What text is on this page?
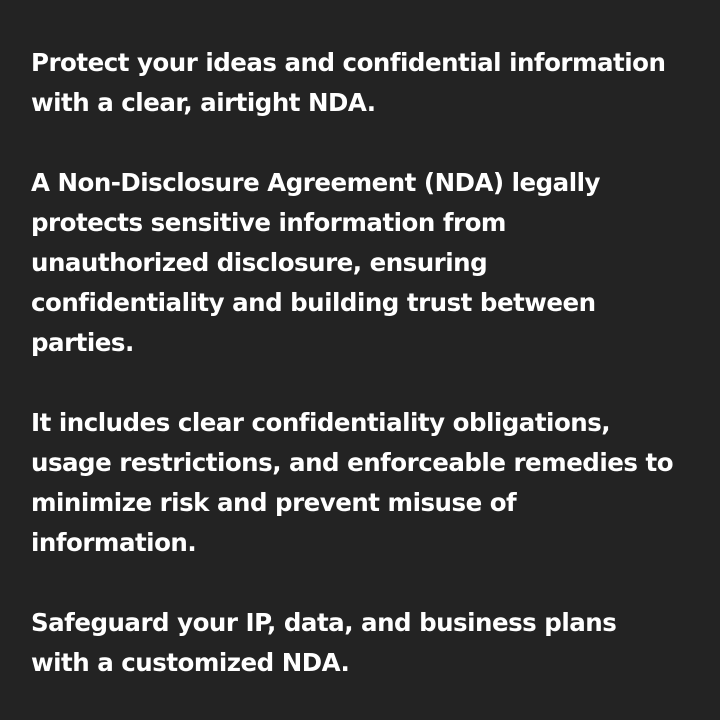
Protect your ideas and confidential information
with a clear, airtight NDA.

A Non-Disclosure Agreement (NDA) legally
protects sensitive information from
unauthorized disclosure, ensuring
confidentiality and building trust between
parties.

It includes clear confidentiality obligations,
usage restrictions, and enforceable remedies to
minimize risk and prevent misuse of
information.

Safeguard your IP, data, and business plans
with a customized NDA.
